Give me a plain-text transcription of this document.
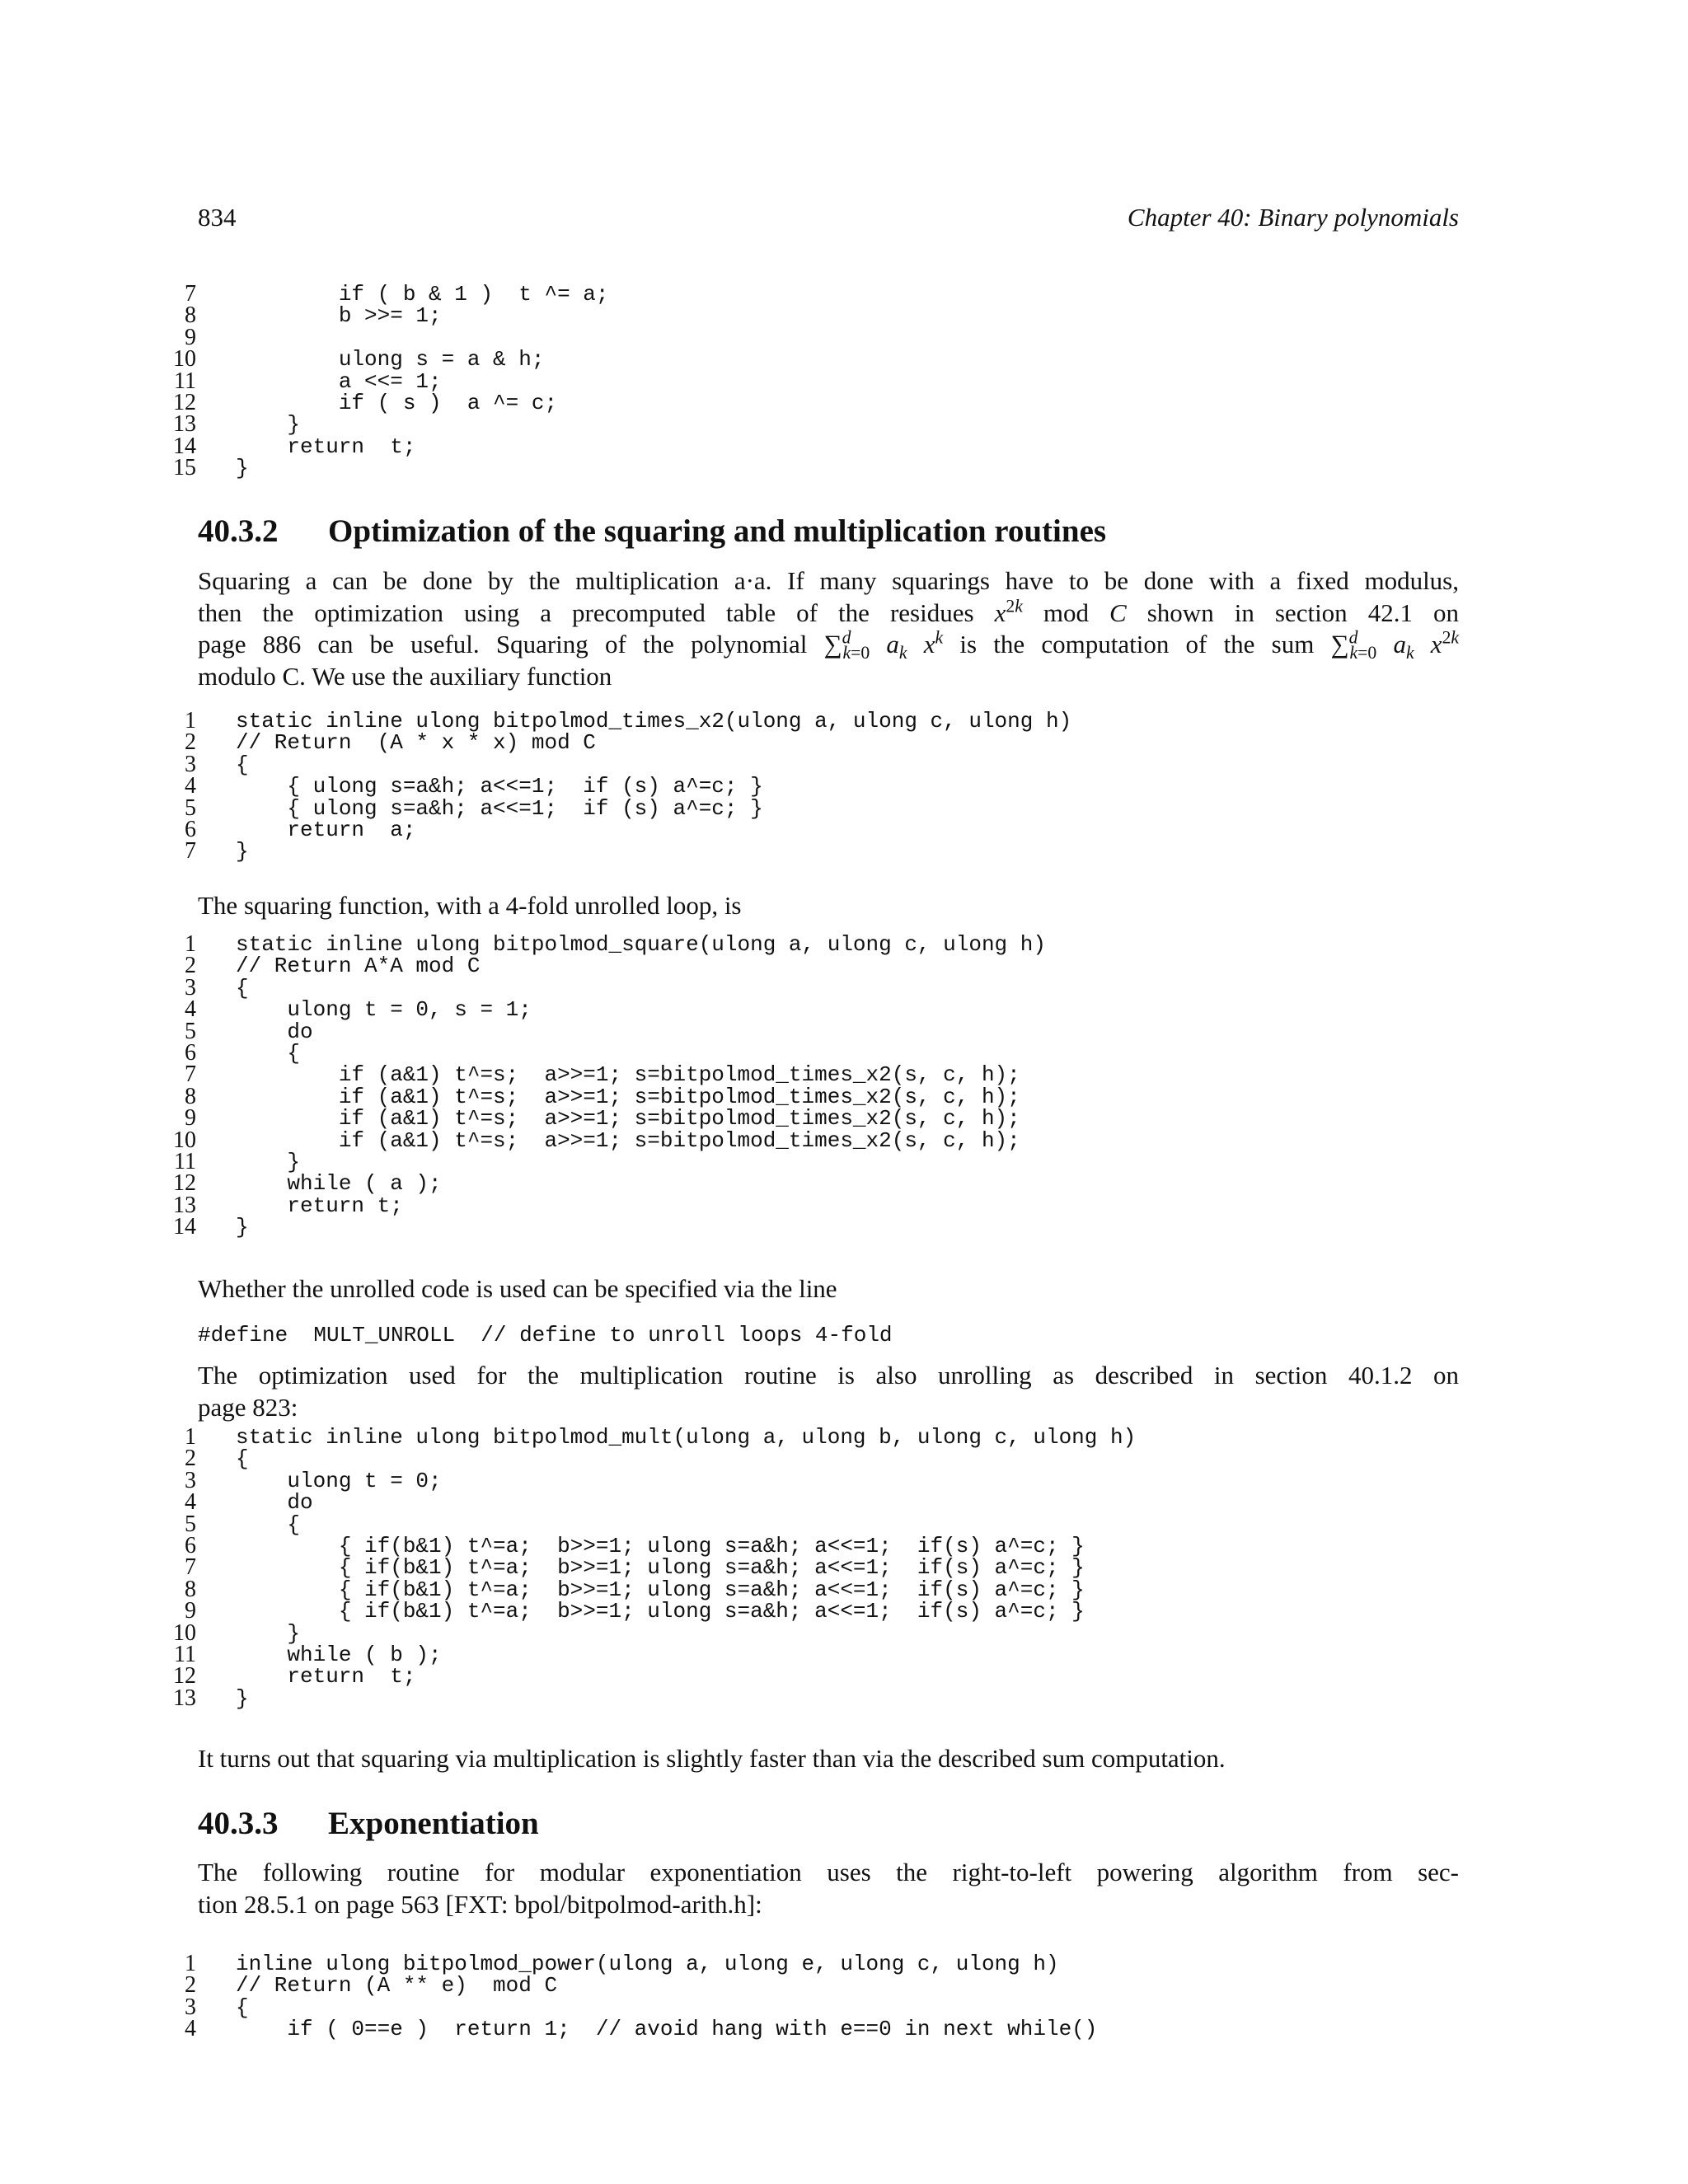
834	Chapter 40: Binary polynomials
7 if ( b & 1 )  t ^= a;
8 b >>= 1;
9
10 ulong s = a & h;
11 a <<= 1;
12 if ( s )  a ^= c;
13 }
14 return  t;
15 }
40.3.2 Optimization of the squaring and multiplication routines
Squaring a can be done by the multiplication a·a. If many squarings have to be done with a fixed modulus,
then the optimization using a precomputed table of the residues $x^{2k}$ mod C shown in section 42.1 on
page 886 can be useful. Squaring of the polynomial ∑$^d_{k=0}$ $a_k$ $x^k$ is the computation of the sum ∑$^d_{k=0}$ $a_k$ $x^{2k}$
modulo C. We use the auxiliary function
1 static inline ulong bitpolmod_times_x2(ulong a, ulong c, ulong h)
2 // Return  (A * x * x) mod C
3 {
4 { ulong s=a&h; a<<=1;  if (s) a^=c; }
5 { ulong s=a&h; a<<=1;  if (s) a^=c; }
6 return  a;
7 }
The squaring function, with a 4-fold unrolled loop, is
1 static inline ulong bitpolmod_square(ulong a, ulong c, ulong h)
2 // Return A*A mod C
3 {
4 ulong t = 0, s = 1;
5 do
6 {
7 if (a&1) t^=s;  a>>=1; s=bitpolmod_times_x2(s, c, h);
8 if (a&1) t^=s;  a>>=1; s=bitpolmod_times_x2(s, c, h);
9 if (a&1) t^=s;  a>>=1; s=bitpolmod_times_x2(s, c, h);
10 if (a&1) t^=s;  a>>=1; s=bitpolmod_times_x2(s, c, h);
11 }
12 while ( a );
13 return t;
14 }
Whether the unrolled code is used can be specified via the line
#define  MULT_UNROLL  // define to unroll loops 4-fold
The optimization used for the multiplication routine is also unrolling as described in section 40.1.2 on
page 823:
1 static inline ulong bitpolmod_mult(ulong a, ulong b, ulong c, ulong h)
2 {
3 ulong t = 0;
4 do
5 {
6 { if(b&1) t^=a;  b>>=1; ulong s=a&h; a<<=1;  if(s) a^=c; }
7 { if(b&1) t^=a;  b>>=1; ulong s=a&h; a<<=1;  if(s) a^=c; }
8 { if(b&1) t^=a;  b>>=1; ulong s=a&h; a<<=1;  if(s) a^=c; }
9 { if(b&1) t^=a;  b>>=1; ulong s=a&h; a<<=1;  if(s) a^=c; }
10 }
11 while ( b );
12 return  t;
13 }
It turns out that squaring via multiplication is slightly faster than via the described sum computation.
40.3.3 Exponentiation
The following routine for modular exponentiation uses the right-to-left powering algorithm from sec-
tion 28.5.1 on page 563 [FXT: bpol/bitpolmod-arith.h]:
1 inline ulong bitpolmod_power(ulong a, ulong e, ulong c, ulong h)
2 // Return (A ** e)  mod C
3 {
4 if ( 0==e )  return 1;  // avoid hang with e==0 in next while()
